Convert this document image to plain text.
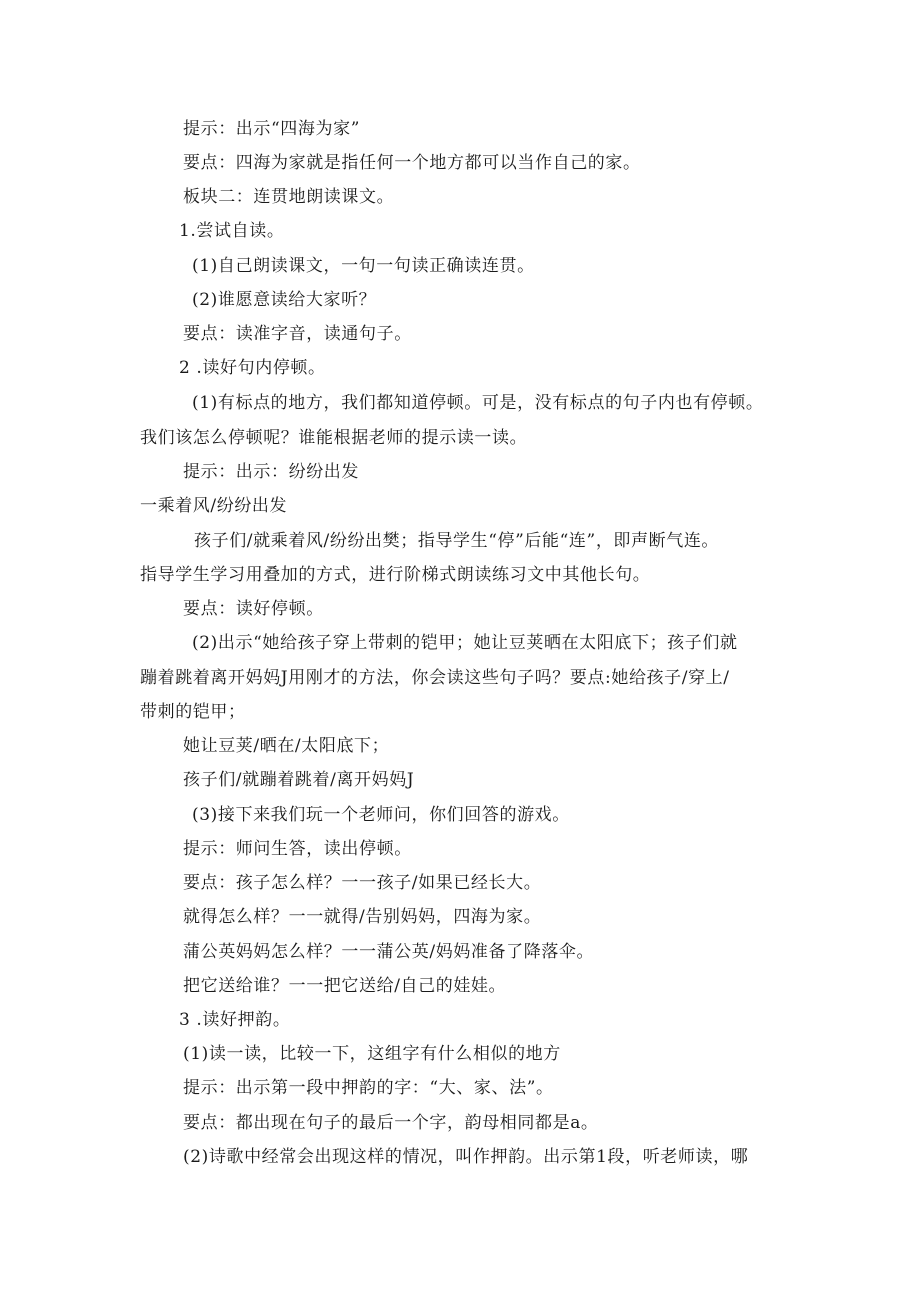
提示：出示“四海为家”
要点：四海为家就是指任何一个地方都可以当作自己的家。
板块二：连贯地朗读课文。
1.尝试自读。
(1)自己朗读课文，一句一句读正确读连贯。
(2)谁愿意读给大家听？
要点：读准字音，读通句子。
2 .读好句内停顿。
(1)有标点的地方，我们都知道停顿。可是，没有标点的句子内也有停顿。
我们该怎么停顿呢？谁能根据老师的提示读一读。
提示：出示：纷纷出发
一乘着风/纷纷出发
孩子们/就乘着风/纷纷出樊；指导学生“停”后能“连”，即声断气连。
指导学生学习用叠加的方式，进行阶梯式朗读练习文中其他长句。
要点：读好停顿。
(2)出示“她给孩子穿上带刺的铠甲；她让豆荚晒在太阳底下；孩子们就
蹦着跳着离开妈妈J用刚才的方法，你会读这些句子吗？要点:她给孩子/穿上/
带刺的铠甲；
她让豆荚/晒在/太阳底下；
孩子们/就蹦着跳着/离开妈妈J
(3)接下来我们玩一个老师问，你们回答的游戏。
提示：师问生答，读出停顿。
要点：孩子怎么样？一一孩子/如果已经长大。
就得怎么样？一一就得/告别妈妈，四海为家。
蒲公英妈妈怎么样？一一蒲公英/妈妈准备了降落伞。
把它送给谁？一一把它送给/自己的娃娃。
3 .读好押韵。
(1)读一读，比较一下，这组字有什么相似的地方
提示：出示第一段中押韵的字：“大、家、法”。
要点：都出现在句子的最后一个字，韵母相同都是a。
(2)诗歌中经常会出现这样的情况，叫作押韵。出示第1段，听老师读，哪
